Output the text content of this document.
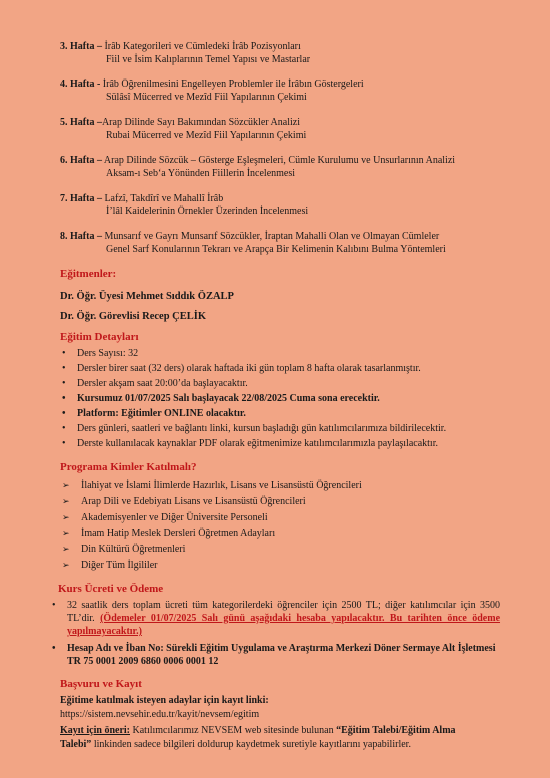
3. Hafta – İrâb Kategorileri ve Cümledeki İrâb Pozisyonları
Fiil ve İsim Kalıplarının Temel Yapısı ve Mastarlar
4. Hafta - İrâb Öğrenilmesini Engelleyen Problemler ile İrâbın Göstergeleri
Sülâsî Mücerred ve Mezîd Fiil Yapılarının Çekimi
5. Hafta –Arap Dilinde Sayı Bakımından Sözcükler Analizi
Rubai Mücerred ve Mezîd Fiil Yapılarının Çekimi
6. Hafta – Arap Dilinde Sözcük – Gösterge Eşleşmeleri, Cümle Kurulumu ve Unsurlarının Analizi
Aksam-ı Seb‘a Yönünden Fiillerin İncelenmesi
7. Hafta – Lafzî, Takdîrî ve Mahallî İrâb
İ’lâl Kaidelerinin Örnekler Üzerinden İncelenmesi
8. Hafta – Munsarıf ve Gayrı Munsarıf Sözcükler, İraptan Mahalli Olan ve Olmayan Cümleler
Genel Sarf Konularının Tekrarı ve Arapça Bir Kelimenin Kalıbını Bulma Yöntemleri
Eğitmenler:
Dr. Öğr. Üyesi Mehmet Sıddık ÖZALP
Dr. Öğr. Görevlisi Recep ÇELİK
Eğitim Detayları
• Ders Sayısı: 32
• Dersler birer saat (32 ders) olarak haftada iki gün toplam 8 hafta olarak tasarlanmıştır.
• Dersler akşam saat 20:00’da başlayacaktır.
• Kursumuz 01/07/2025 Salı başlayacak 22/08/2025 Cuma sona erecektir.
• Platform: Eğitimler ONLINE olacaktır.
• Ders günleri, saatleri ve bağlantı linki, kursun başladığı gün katılımcılarımıza bildirilecektir.
• Derste kullanılacak kaynaklar PDF olarak eğitmenimize katılımcılarımızla paylaşılacaktır.
Programa Kimler Katılmalı?
➢ İlahiyat ve İslami İlimlerde Hazırlık, Lisans ve Lisansüstü Öğrencileri
➢ Arap Dili ve Edebiyatı Lisans ve Lisansüstü Öğrencileri
➢ Akademisyenler ve Diğer Üniversite Personeli
➢ İmam Hatip Meslek Dersleri Öğretmen Adayları
➢ Din Kültürü Öğretmenleri
➢ Diğer Tüm İlgililer
Kurs Ücreti ve Ödeme
• 32 saatlik ders toplam ücreti tüm kategorilerdeki öğrenciler için 2500 TL; diğer katılımcılar için 3500 TL’dir. (Ödemeler 01/07/2025 Salı günü aşağıdaki hesaba yapılacaktır. Bu tarihten önce ödeme yapılmayacaktır.)
• Hesap Adı ve İban No: Sürekli Eğitim Uygulama ve Araştırma Merkezi Döner Sermaye Alt İşletmesi TR 75 0001 2009 6860 0006 0001 12
Başvuru ve Kayıt
Eğitime katılmak isteyen adaylar için kayıt linki:
https://sistem.nevsehir.edu.tr/kayit/nevsem/egitim
Kayıt için öneri: Katılımcılarımız NEVSEM web sitesinde bulunan “Eğitim Talebi/Eğitim Alma Talebi” linkinden sadece bilgileri doldurup kaydetmek suretiyle kayıtlarını yapabilirler.
